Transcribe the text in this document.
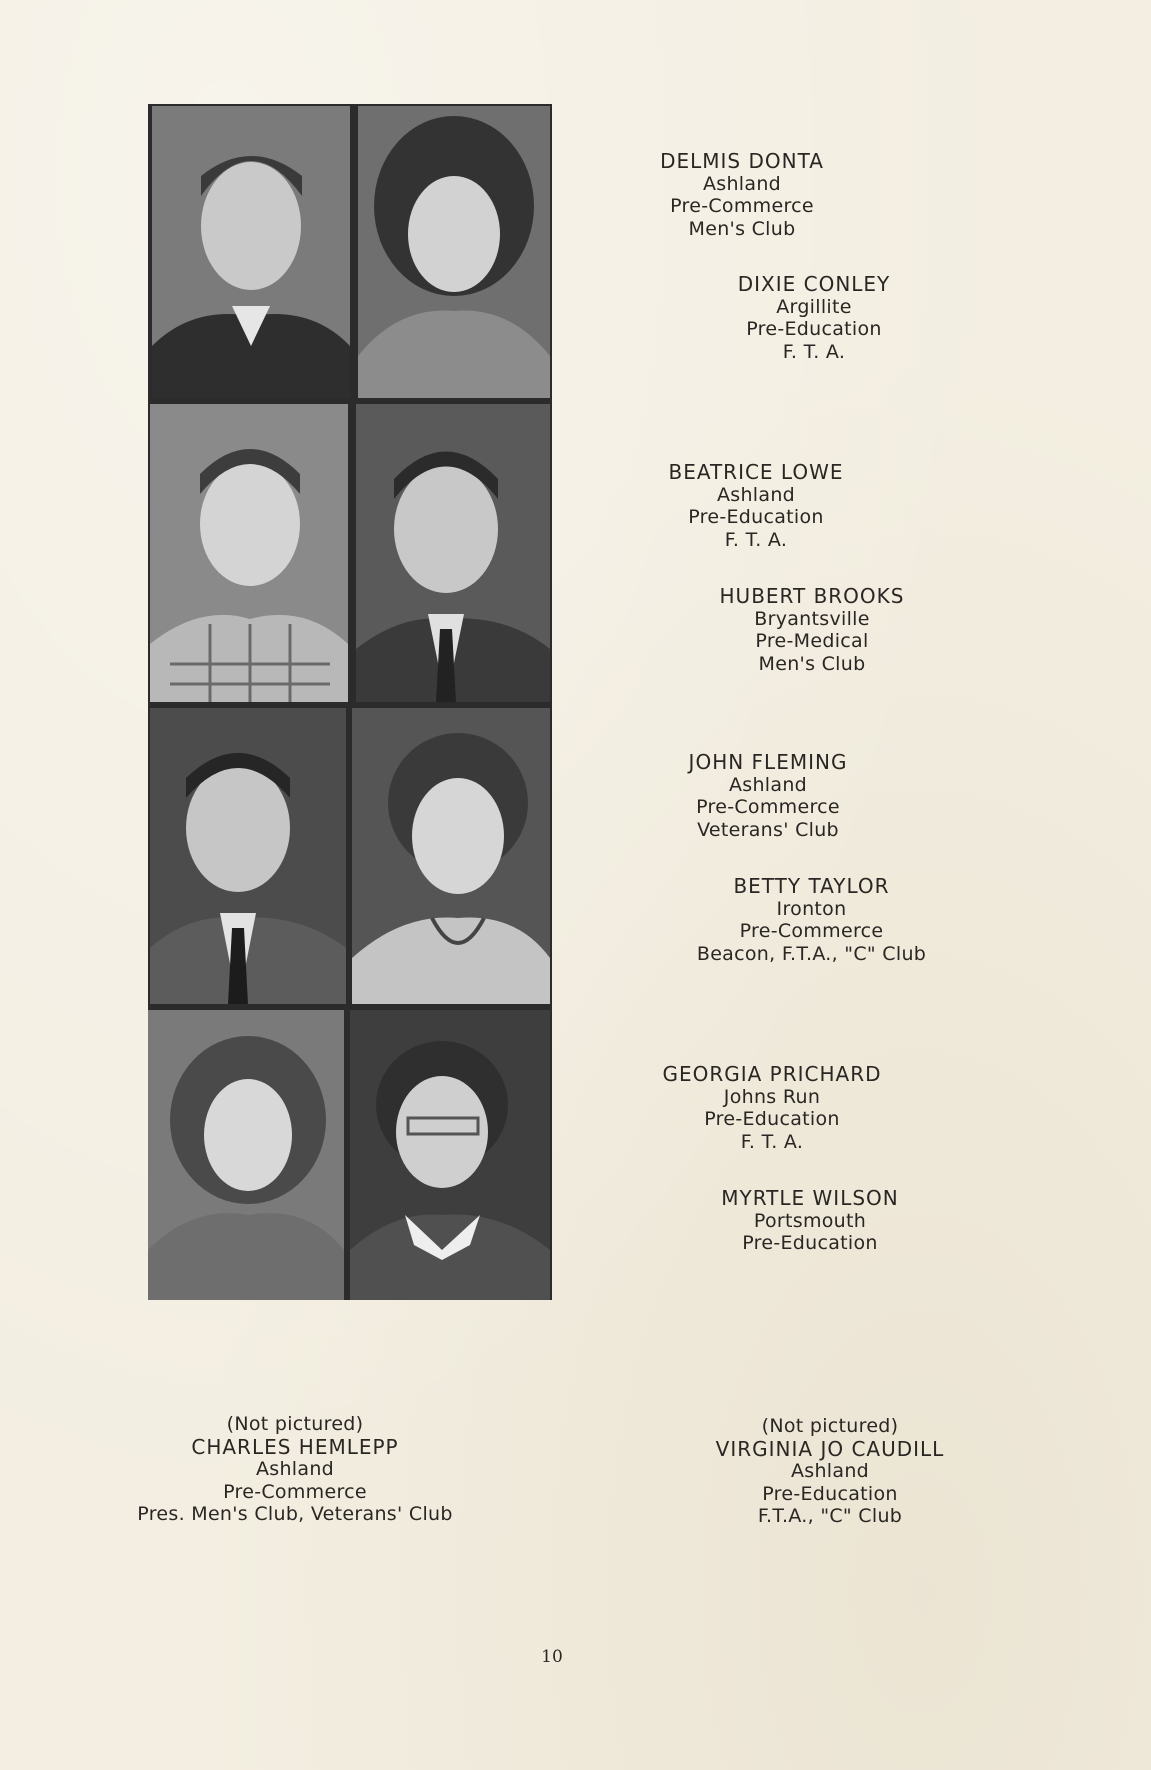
DELMIS DONTA
Ashland
Pre-Commerce
Men's Club
DIXIE CONLEY
Argillite
Pre-Education
F. T. A.
BEATRICE LOWE
Ashland
Pre-Education
F. T. A.
HUBERT BROOKS
Bryantsville
Pre-Medical
Men's Club
JOHN FLEMING
Ashland
Pre-Commerce
Veterans' Club
BETTY TAYLOR
Ironton
Pre-Commerce
Beacon, F.T.A., "C" Club
GEORGIA PRICHARD
Johns Run
Pre-Education
F. T. A.
MYRTLE WILSON
Portsmouth
Pre-Education
(Not pictured)
CHARLES HEMLEPP
Ashland
Pre-Commerce
Pres. Men's Club, Veterans' Club
(Not pictured)
VIRGINIA JO CAUDILL
Ashland
Pre-Education
F.T.A., "C" Club
10
